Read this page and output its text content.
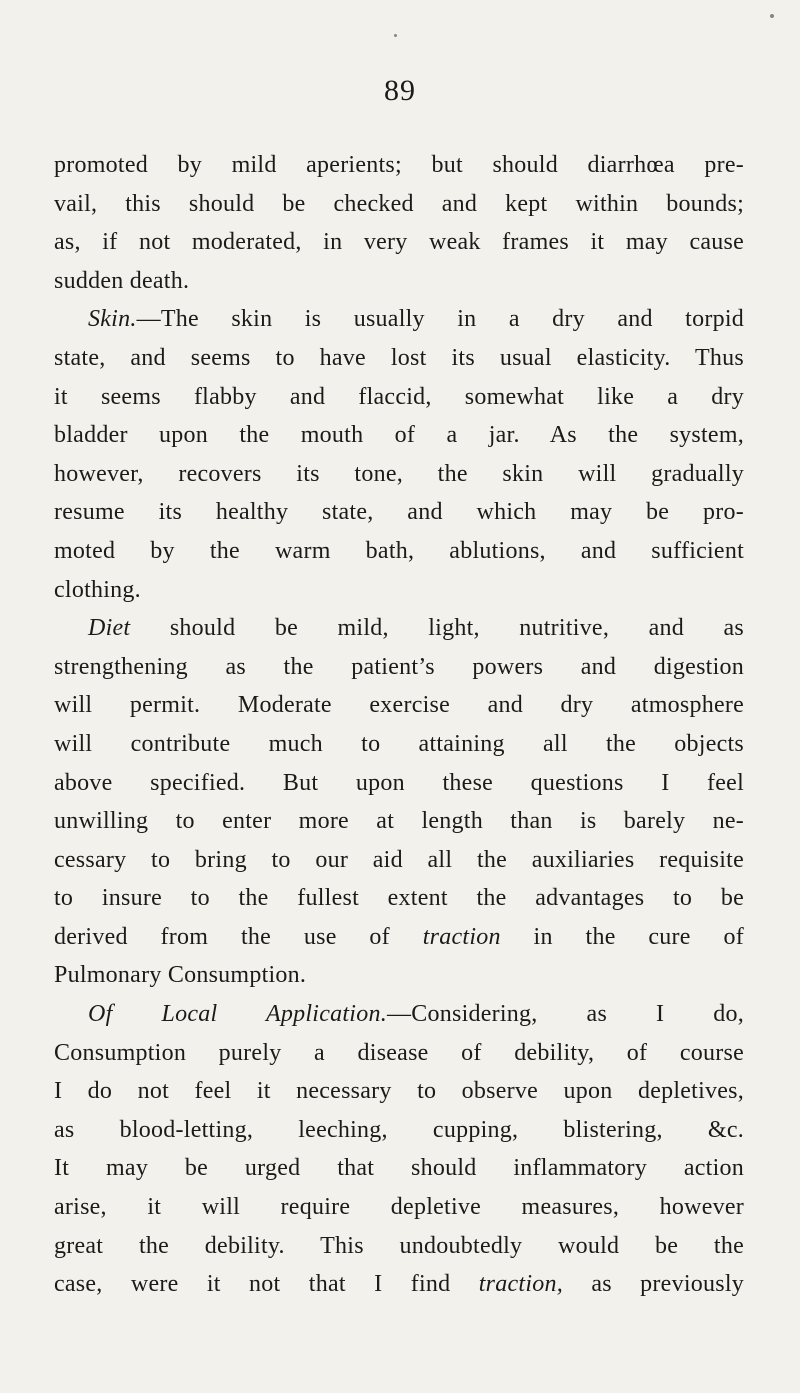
89
promoted by mild aperients; but should diarrhœa pre-
vail, this should be checked and kept within bounds;
as, if not moderated, in very weak frames it may cause
sudden death.
Skin.—The skin is usually in a dry and torpid
state, and seems to have lost its usual elasticity. Thus
it seems flabby and flaccid, somewhat like a dry
bladder upon the mouth of a jar. As the system,
however, recovers its tone, the skin will gradually
resume its healthy state, and which may be pro-
moted by the warm bath, ablutions, and sufficient
clothing.
Diet should be mild, light, nutritive, and as
strengthening as the patient’s powers and digestion
will permit. Moderate exercise and dry atmosphere
will contribute much to attaining all the objects
above specified. But upon these questions I feel
unwilling to enter more at length than is barely ne-
cessary to bring to our aid all the auxiliaries requisite
to insure to the fullest extent the advantages to be
derived from the use of traction in the cure of
Pulmonary Consumption.
Of Local Application.—Considering, as I do,
Consumption purely a disease of debility, of course
I do not feel it necessary to observe upon depletives,
as blood-letting, leeching, cupping, blistering, &c.
It may be urged that should inflammatory action
arise, it will require depletive measures, however
great the debility. This undoubtedly would be the
case, were it not that I find traction, as previously
